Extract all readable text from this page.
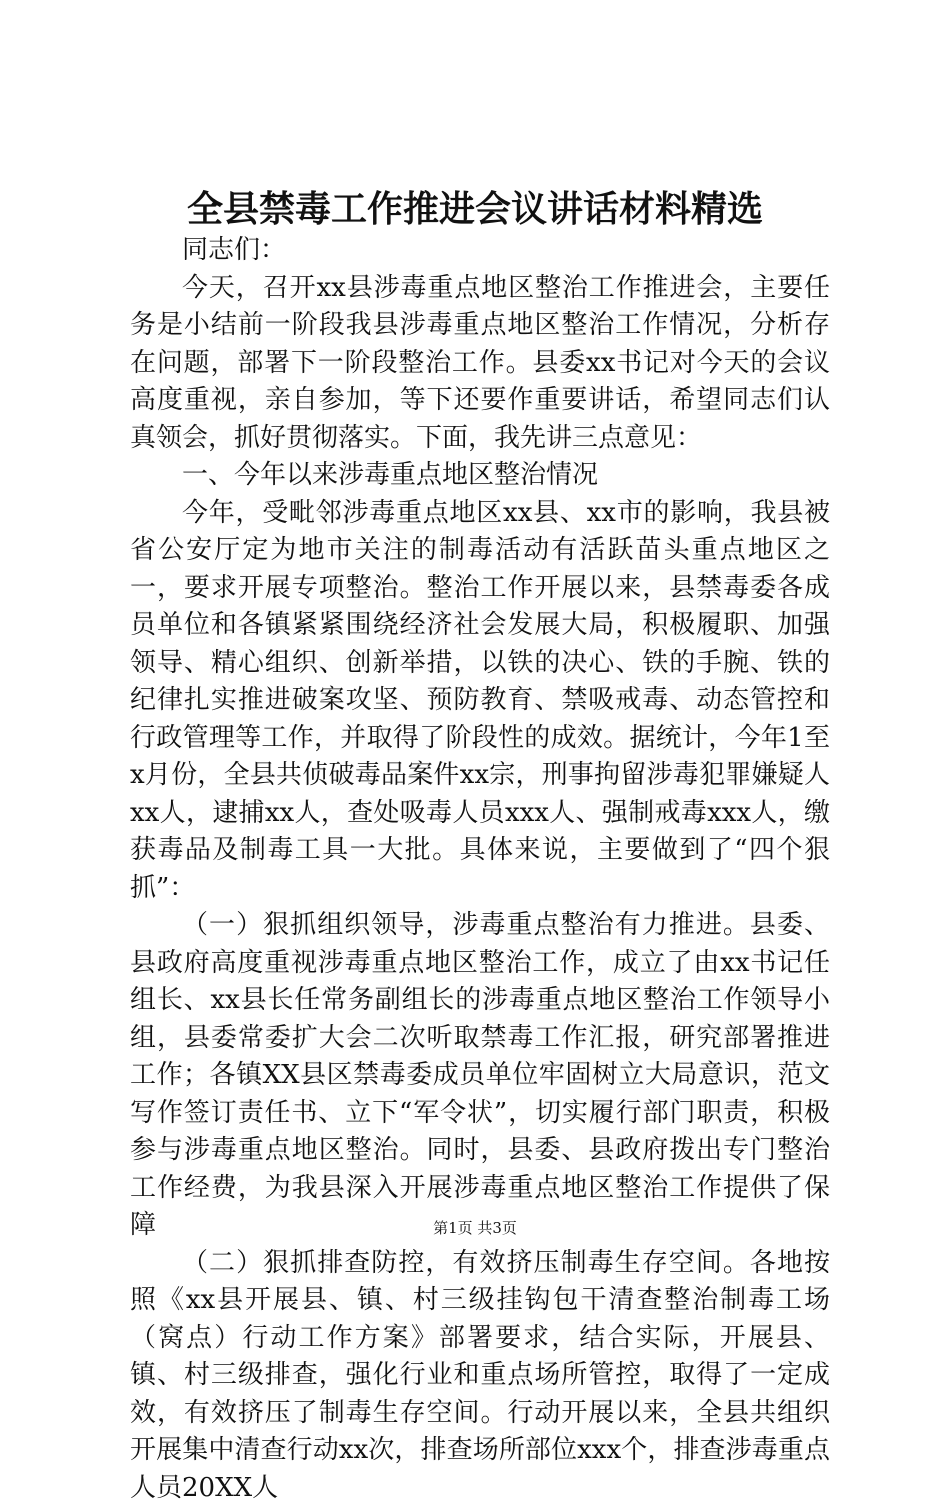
全县禁毒工作推进会议讲话材料精选

同志们：

今天，召开xx县涉毒重点地区整治工作推进会，主要任务是小结前一阶段我县涉毒重点地区整治工作情况，分析存在问题，部署下一阶段整治工作。县委xx书记对今天的会议高度重视，亲自参加，等下还要作重要讲话，希望同志们认真领会，抓好贯彻落实。下面，我先讲三点意见：

一、今年以来涉毒重点地区整治情况

今年，受毗邻涉毒重点地区xx县、xx市的影响，我县被省公安厅定为地市关注的制毒活动有活跃苗头重点地区之一，要求开展专项整治。整治工作开展以来，县禁毒委各成员单位和各镇紧紧围绕经济社会发展大局，积极履职、加强领导、精心组织、创新举措，以铁的决心、铁的手腕、铁的纪律扎实推进破案攻坚、预防教育、禁吸戒毒、动态管控和行政管理等工作，并取得了阶段性的成效。据统计，今年1至x月份，全县共侦破毒品案件xx宗，刑事拘留涉毒犯罪嫌疑人xx人，逮捕xx人，查处吸毒人员xxx人、强制戒毒xxx人，缴获毒品及制毒工具一大批。具体来说，主要做到了“四个狠抓”：

（一）狠抓组织领导，涉毒重点整治有力推进。县委、县政府高度重视涉毒重点地区整治工作，成立了由xx书记任组长、xx县长任常务副组长的涉毒重点地区整治工作领导小组，县委常委扩大会二次听取禁毒工作汇报，研究部署推进工作；各镇XX县区禁毒委成员单位牢固树立大局意识，范文写作签订责任书、立下“军令状”，切实履行部门职责，积极参与涉毒重点地区整治。同时，县委、县政府拨出专门整治工作经费，为我县深入开展涉毒重点地区整治工作提供了保障

（二）狠抓排查防控，有效挤压制毒生存空间。各地按照《xx县开展县、镇、村三级挂钩包干清查整治制毒工场（窝点）行动工作方案》部署要求，结合实际，开展县、镇、村三级排查，强化行业和重点场所管控，取得了一定成效，有效挤压了制毒生存空间。行动开展以来，全县共组织开展集中清查行动xx次，排查场所部位xxx个，排查涉毒重点人员20XX人

第1页 共3页
